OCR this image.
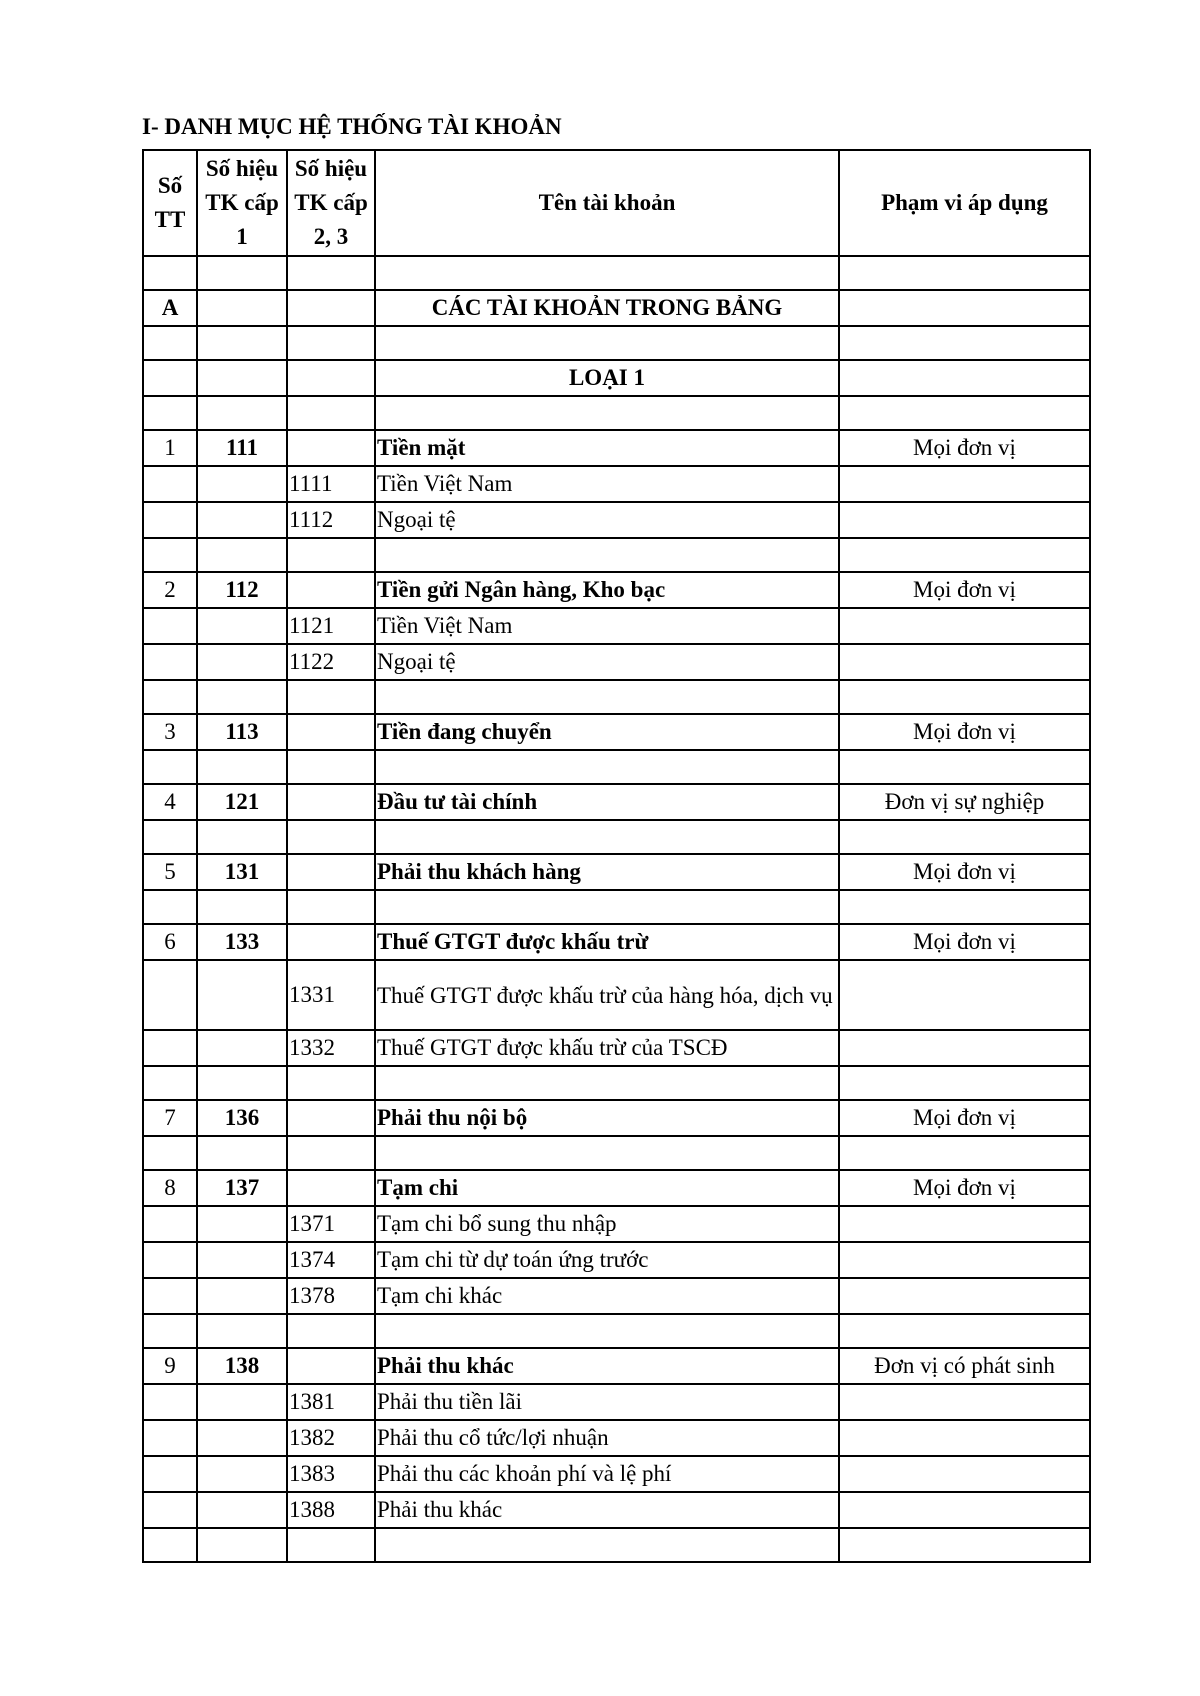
I- DANH MỤC HỆ THỐNG TÀI KHOẢN
Số TT	Số hiệu TK cấp 1	Số hiệu TK cấp 2, 3	Tên tài khoản	Phạm vi áp dụng

A			CÁC TÀI KHOẢN TRONG BẢNG	

			LOẠI 1	

1	111		Tiền mặt	Mọi đơn vị
		1111	Tiền Việt Nam	
		1112	Ngoại tệ	

2	112		Tiền gửi Ngân hàng, Kho bạc	Mọi đơn vị
		1121	Tiền Việt Nam	
		1122	Ngoại tệ	

3	113		Tiền đang chuyển	Mọi đơn vị

4	121		Đầu tư tài chính	Đơn vị sự nghiệp

5	131		Phải thu khách hàng	Mọi đơn vị

6	133		Thuế GTGT được khấu trừ	Mọi đơn vị
		1331	Thuế GTGT được khấu trừ của hàng hóa, dịch vụ	
		1332	Thuế GTGT được khấu trừ của TSCĐ	

7	136		Phải thu nội bộ	Mọi đơn vị

8	137		Tạm chi	Mọi đơn vị
		1371	Tạm chi bổ sung thu nhập	
		1374	Tạm chi từ dự toán ứng trước	
		1378	Tạm chi khác	

9	138		Phải thu khác	Đơn vị có phát sinh
		1381	Phải thu tiền lãi	
		1382	Phải thu cổ tức/lợi nhuận	
		1383	Phải thu các khoản phí và lệ phí	
		1388	Phải thu khác	
